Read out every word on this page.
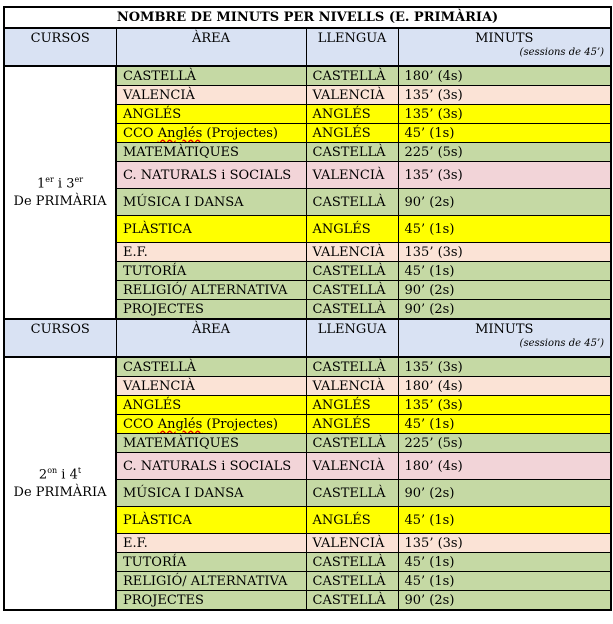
NOMBRE DE MINUTS PER NIVELLS (E. PRIMÀRIA)			
CURSOS	ÀREA	LLENGUA	MINUTS
(sessions de 45’)

1er i 3er
De PRIMÀRIA	CASTELLÀ	CASTELLÀ	180’ (4s)
	VALENCIÀ	VALENCIÀ	135’ (3s)
	ANGLÉS	ANGLÉS	135’ (3s)
	CCO Anglés (Projectes)	ANGLÉS	45’ (1s)
	MATEMÀTIQUES	CASTELLÀ	225’ (5s)
	C. NATURALS i SOCIALS	VALENCIÀ	135’ (3s)
	MÚSICA I DANSA	CASTELLÀ	90’ (2s)
	PLÀSTICA	ANGLÉS	45’ (1s)
	E.F.	VALENCIÀ	135’ (3s)
	TUTORÍA	CASTELLÀ	45’ (1s)
	RELIGIÓ/ ALTERNATIVA	CASTELLÀ	90’ (2s)
	PROJECTES	CASTELLÀ	90’ (2s)
CURSOS	ÀREA	LLENGUA	MINUTS
(sessions de 45’)

$2^{on}$ i 4$^t$
De PRIMÀRIA	CASTELLÀ	CASTELLÀ	135’ (3s)
	VALENCIÀ	VALENCIÀ	180’ (4s)
	ANGLÉS	ANGLÉS	135’ (3s)
	CCO Anglés (Projectes)	ANGLÉS	45’ (1s)
	MATEMÀTIQUES	CASTELLÀ	225’ (5s)
	C. NATURALS i SOCIALS	VALENCIÀ	180’ (4s)
	MÚSICA I DANSA	CASTELLÀ	90’ (2s)
	PLÀSTICA	ANGLÉS	45’ (1s)
	E.F.	VALENCIÀ	135’ (3s)
	TUTORÍA	CASTELLÀ	45’ (1s)
	RELIGIÓ/ ALTERNATIVA	CASTELLÀ	45’ (1s)
	PROJECTES	CASTELLÀ	90’ (2s)
